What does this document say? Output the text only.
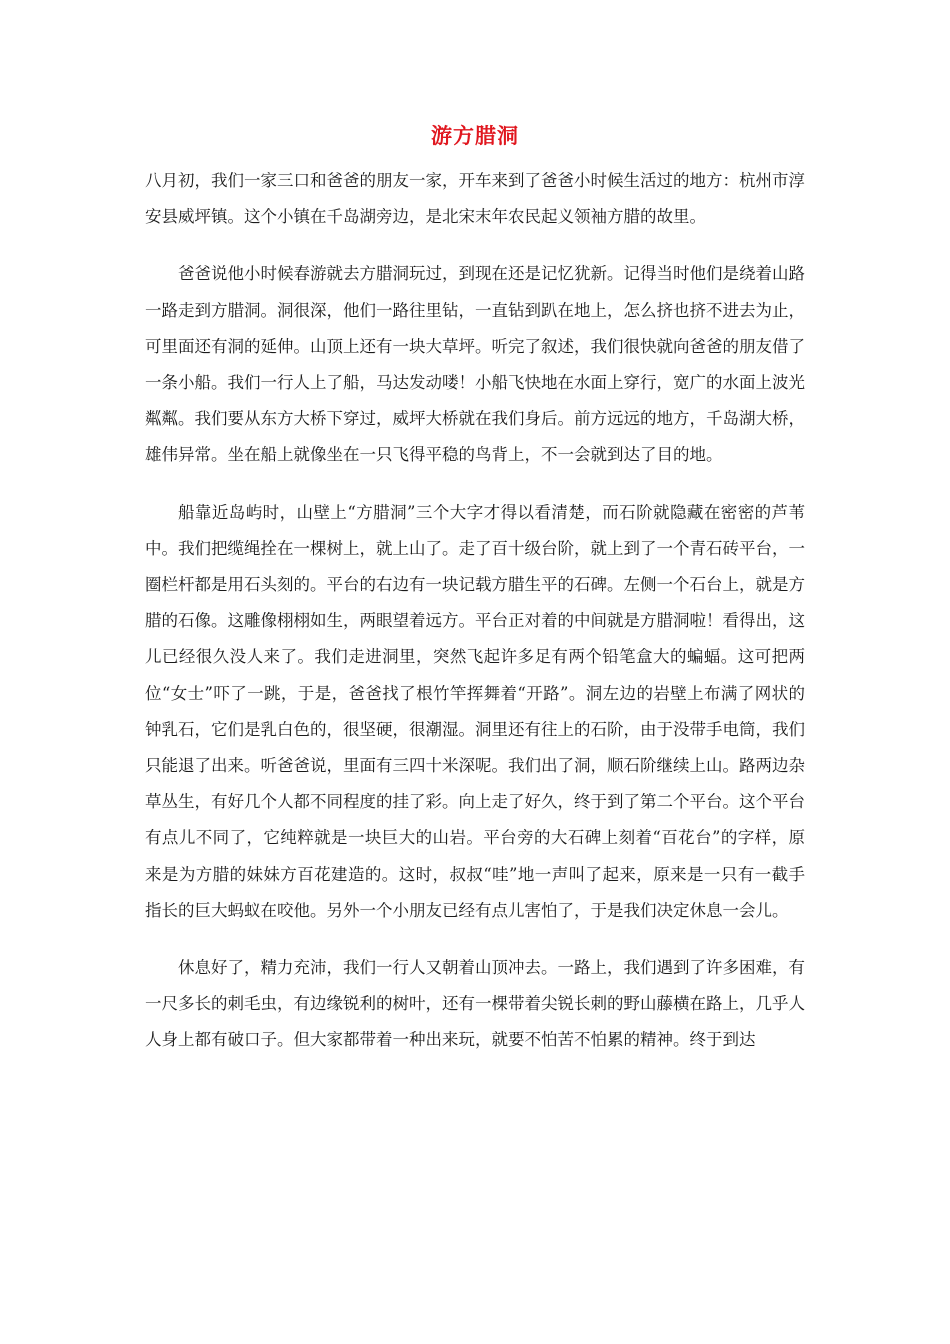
游方腊洞

八月初，我们一家三口和爸爸的朋友一家，开车来到了爸爸小时候生活过的地方：杭州市淳安县威坪镇。这个小镇在千岛湖旁边，是北宋末年农民起义领袖方腊的故里。

爸爸说他小时候春游就去方腊洞玩过，到现在还是记忆犹新。记得当时他们是绕着山路一路走到方腊洞。洞很深，他们一路往里钻，一直钻到趴在地上，怎么挤也挤不进去为止，可里面还有洞的延伸。山顶上还有一块大草坪。听完了叙述，我们很快就向爸爸的朋友借了一条小船。我们一行人上了船，马达发动喽！小船飞快地在水面上穿行，宽广的水面上波光粼粼。我们要从东方大桥下穿过，威坪大桥就在我们身后。前方远远的地方，千岛湖大桥，雄伟异常。坐在船上就像坐在一只飞得平稳的鸟背上，不一会就到达了目的地。

船靠近岛屿时，山壁上“方腊洞”三个大字才得以看清楚，而石阶就隐藏在密密的芦苇中。我们把缆绳拴在一棵树上，就上山了。走了百十级台阶，就上到了一个青石砖平台，一圈栏杆都是用石头刻的。平台的右边有一块记载方腊生平的石碑。左侧一个石台上，就是方腊的石像。这雕像栩栩如生，两眼望着远方。平台正对着的中间就是方腊洞啦！看得出，这儿已经很久没人来了。我们走进洞里，突然飞起许多足有两个铅笔盒大的蝙蝠。这可把两位“女士”吓了一跳，于是，爸爸找了根竹竿挥舞着“开路”。洞左边的岩壁上布满了网状的钟乳石，它们是乳白色的，很坚硬，很潮湿。洞里还有往上的石阶，由于没带手电筒，我们只能退了出来。听爸爸说，里面有三四十米深呢。我们出了洞，顺石阶继续上山。路两边杂草丛生，有好几个人都不同程度的挂了彩。向上走了好久，终于到了第二个平台。这个平台有点儿不同了，它纯粹就是一块巨大的山岩。平台旁的大石碑上刻着“百花台”的字样，原来是为方腊的妹妹方百花建造的。这时，叔叔“哇”地一声叫了起来，原来是一只有一截手指长的巨大蚂蚁在咬他。另外一个小朋友已经有点儿害怕了，于是我们决定休息一会儿。

休息好了，精力充沛，我们一行人又朝着山顶冲去。一路上，我们遇到了许多困难，有一尺多长的刺毛虫，有边缘锐利的树叶，还有一棵带着尖锐长刺的野山藤横在路上，几乎人人身上都有破口子。但大家都带着一种出来玩，就要不怕苦不怕累的精神。终于到达
